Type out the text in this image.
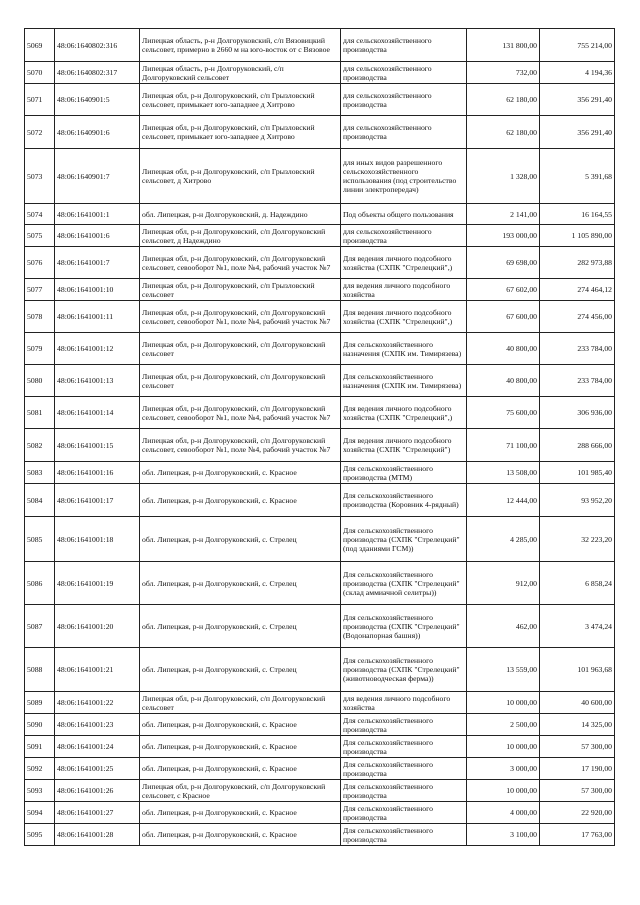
5069	48:06:1640802:316	Липецкая область, р-н Долгоруковский, с/п Вязовицкий сельсовет, примерно в 2660 м на юго-восток от с Вязовое	для сельскохозяйственного производства	131 800,00	755 214,00
5070	48:06:1640802:317	Липецкая область, р-н Долгоруковский, с/п Долгоруковский сельсовет	для сельскохозяйственного производства	732,00	4 194,36
5071	48:06:1640901:5	Липецкая обл, р-н Долгоруковский, с/п Грызловский сельсовет, примыкает юго-западнее д Хитрово	для сельскохозяйственного производства	62 180,00	356 291,40
5072	48:06:1640901:6	Липецкая обл, р-н Долгоруковский, с/п Грызловский сельсовет, примыкает юго-западнее д Хитрово	для сельскохозяйственного производства	62 180,00	356 291,40
5073	48:06:1640901:7	Липецкая обл, р-н Долгоруковский, с/п Грызловский сельсовет, д Хитрово	для иных видов разрешенного сельскохозяйственного использования (под строительство линии электропередач)	1 328,00	5 391,68
5074	48:06:1641001:1	обл. Липецкая, р-н Долгоруковский, д. Надеждино	Под объекты общего пользования	2 141,00	16 164,55
5075	48:06:1641001:6	Липецкая обл, р-н Долгоруковский, с/п Долгоруковский сельсовет, д Надеждино	для сельскохозяйственного производства	193 000,00	1 105 890,00
5076	48:06:1641001:7	Липецкая обл, р-н Долгоруковский, с/п Долгоруковский сельсовет, севооборот №1, поле №4, рабочий участок №7	Для ведения личного подсобного хозяйства (СХПК "Стрелецкий",)	69 698,00	282 973,88
5077	48:06:1641001:10	Липецкая обл, р-н Долгоруковский, с/п Грызловский сельсовет	для ведения личного подсобного хозяйства	67 602,00	274 464,12
5078	48:06:1641001:11	Липецкая обл, р-н Долгоруковский, с/п Долгоруковский сельсовет, севооборот №1, поле №4, рабочий участок №7	Для ведения личного подсобного хозяйства (СХПК "Стрелецкий",)	67 600,00	274 456,00
5079	48:06:1641001:12	Липецкая обл, р-н Долгоруковский, с/п Долгоруковский сельсовет	Для сельскохозяйственного назначения (СХПК им. Тимирязева)	40 800,00	233 784,00
5080	48:06:1641001:13	Липецкая обл, р-н Долгоруковский, с/п Долгоруковский сельсовет	Для сельскохозяйственного назначения (СХПК им. Тимирязева)	40 800,00	233 784,00
5081	48:06:1641001:14	Липецкая обл, р-н Долгоруковский, с/п Долгоруковский сельсовет, севооборот №1, поле №4, рабочий участок №7	Для ведения личного подсобного хозяйства (СХПК "Стрелецкий",)	75 600,00	306 936,00
5082	48:06:1641001:15	Липецкая обл, р-н Долгоруковский, с/п Долгоруковский сельсовет, севооборот №1, поле №4, рабочий участок №7	Для ведения личного подсобного хозяйства (СХПК "Стрелецкий")	71 100,00	288 666,00
5083	48:06:1641001:16	обл. Липецкая, р-н Долгоруковский, с. Красное	Для сельскохозяйственного производства (МТМ)	13 508,00	101 985,40
5084	48:06:1641001:17	обл. Липецкая, р-н Долгоруковский, с. Красное	Для сельскохозяйственного производства (Коровник 4-рядный)	12 444,00	93 952,20
5085	48:06:1641001:18	обл. Липецкая, р-н Долгоруковский, с. Стрелец	Для сельскохозяйственного производства (СХПК "Стрелецкий" (под зданиями ГСМ))	4 285,00	32 223,20
5086	48:06:1641001:19	обл. Липецкая, р-н Долгоруковский, с. Стрелец	Для сельскохозяйственного производства (СХПК "Стрелецкий" (склад аммиачной селитры))	912,00	6 858,24
5087	48:06:1641001:20	обл. Липецкая, р-н Долгоруковский, с. Стрелец	Для сельскохозяйственного производства (СХПК "Стрелецкий" (Водонапорная башня))	462,00	3 474,24
5088	48:06:1641001:21	обл. Липецкая, р-н Долгоруковский, с. Стрелец	Для сельскохозяйственного производства (СХПК "Стрелецкий"(животноводческая ферма))	13 559,00	101 963,68
5089	48:06:1641001:22	Липецкая обл, р-н Долгоруковский, с/п Долгоруковский сельсовет	для ведения личного подсобного хозяйства	10 000,00	40 600,00
5090	48:06:1641001:23	обл. Липецкая, р-н Долгоруковский, с. Красное	Для сельскохозяйственного производства	2 500,00	14 325,00
5091	48:06:1641001:24	обл. Липецкая, р-н Долгоруковский, с. Красное	Для сельскохозяйственного производства	10 000,00	57 300,00
5092	48:06:1641001:25	обл. Липецкая, р-н Долгоруковский, с. Красное	Для сельскохозяйственного производства	3 000,00	17 190,00
5093	48:06:1641001:26	Липецкая обл, р-н Долгоруковский, с/п Долгоруковский сельсовет, с Красное	Для сельскохозяйственного производства	10 000,00	57 300,00
5094	48:06:1641001:27	обл. Липецкая, р-н Долгоруковский, с. Красное	Для сельскохозяйственного производства	4 000,00	22 920,00
5095	48:06:1641001:28	обл. Липецкая, р-н Долгоруковский, с. Красное	Для сельскохозяйственного производства	3 100,00	17 763,00
